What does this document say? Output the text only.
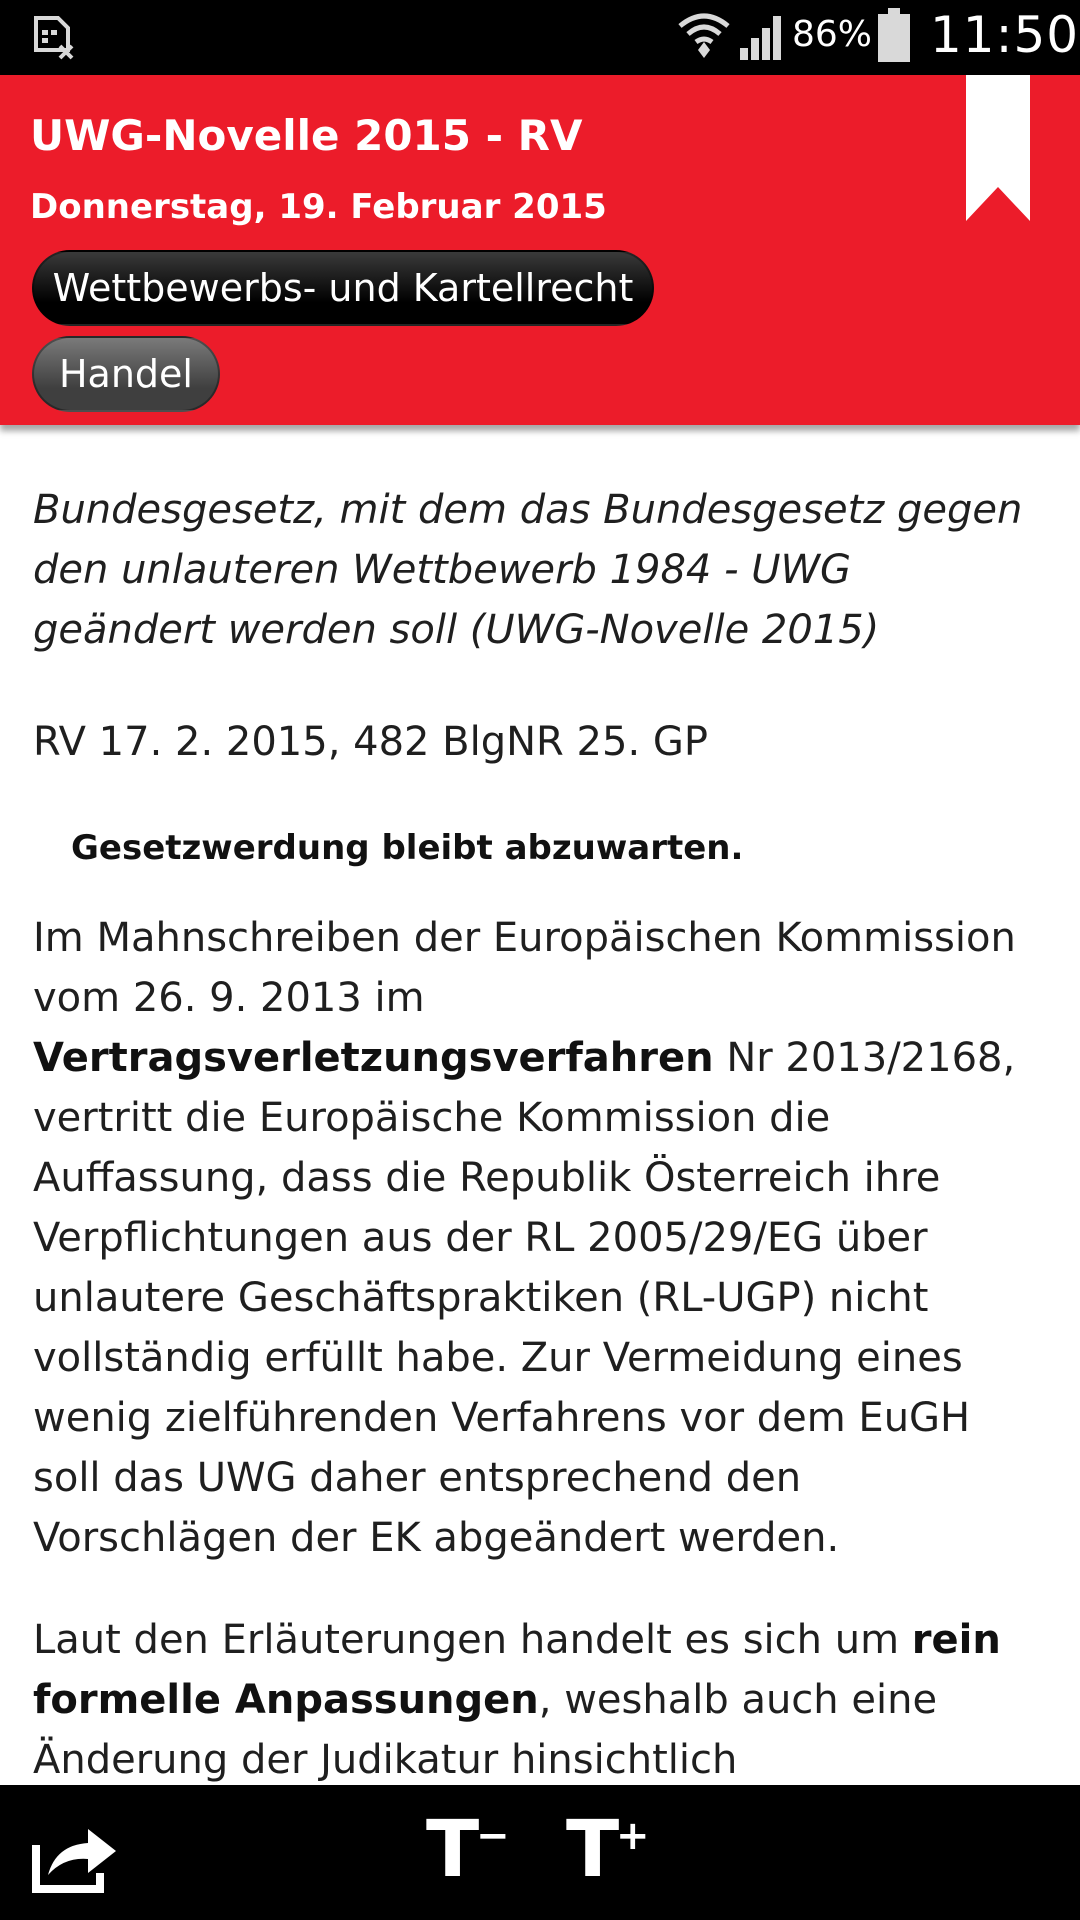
86% 11:50
UWG-Novelle 2015 - RV
Donnerstag, 19. Februar 2015
Wettbewerbs- und Kartellrecht
Handel

Bundesgesetz, mit dem das Bundesgesetz gegen den unlauteren Wettbewerb 1984 - UWG geändert werden soll (UWG-Novelle 2015)

RV 17. 2. 2015, 482 BlgNR 25. GP
Gesetzwerdung bleibt abzuwarten.
Im Mahnschreiben der Europäischen Kommission vom 26. 9. 2013 im Vertragsverletzungsverfahren Nr 2013/2168, vertritt die Europäische Kommission die Auffassung, dass die Republik Österreich ihre Verpflichtungen aus der RL 2005/29/EG über unlautere Geschäftspraktiken (RL-UGP) nicht vollständig erfüllt habe. Zur Vermeidung eines wenig zielführenden Verfahrens vor dem EuGH soll das UWG daher entsprechend den Vorschlägen der EK abgeändert werden.
Laut den Erläuterungen handelt es sich um rein formelle Anpassungen, weshalb auch eine Änderung der Judikatur hinsichtlich
T
− T
+
